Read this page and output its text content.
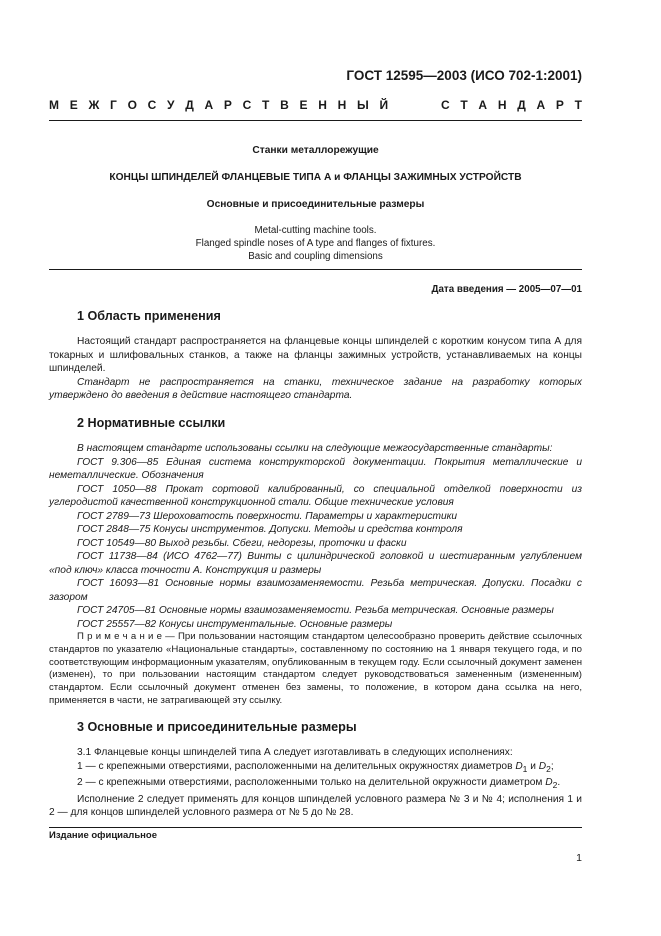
ГОСТ 12595—2003 (ИСО 702-1:2001)
М Е Ж Г О С У Д А Р С Т В Е Н Н Ы Й

	С Т А Н Д А Р Т
Станки металлорежущие
КОНЦЫ ШПИНДЕЛЕЙ ФЛАНЦЕВЫЕ ТИПА А и ФЛАНЦЫ ЗАЖИМНЫХ УСТРОЙСТВ
Основные и присоединительные размеры
Metal-cutting machine tools.
Flanged spindle noses of A type and flanges of fixtures.
Basic and coupling dimensions
Дата введения — 2005—07—01
1 Область применения

Настоящий стандарт распространяется на фланцевые концы шпинделей с коротким конусом типа А для токарных и шлифовальных станков, а также на фланцы зажимных устройств, устанавливаемых на концы шпинделей.

Стандарт не распространяется на станки, техническое задание на разработку которых утверждено до введения в действие настоящего стандарта.

2 Нормативные ссылки

В настоящем стандарте использованы ссылки на следующие межгосударственные стандарты:

ГОСТ 9.306—85 Единая система конструкторской документации. Покрытия металлические и неметаллические. Обозначения

ГОСТ 1050—88 Прокат сортовой калиброванный, со специальной отделкой поверхности из углеродистой качественной конструкционной стали. Общие технические условия

ГОСТ 2789—73 Шероховатость поверхности. Параметры и характеристики

ГОСТ 2848—75 Конусы инструментов. Допуски. Методы и средства контроля

ГОСТ 10549—80 Выход резьбы. Сбеги, недорезы, проточки и фаски

ГОСТ 11738—84 (ИСО 4762—77) Винты с цилиндрической головкой и шестигранным углублением «под ключ» класса точности А. Конструкция и размеры

ГОСТ 16093—81 Основные нормы взаимозаменяемости. Резьба метрическая. Допуски. Посадки с зазором

ГОСТ 24705—81 Основные нормы взаимозаменяемости. Резьба метрическая. Основные размеры

ГОСТ 25557—82 Конусы инструментальные. Основные размеры

П р и м е ч а н и е — При пользовании настоящим стандартом целесообразно проверить действие ссылочных стандартов по указателю «Национальные стандарты», составленному по состоянию на 1 января текущего года, и по соответствующим информационным указателям, опубликованным в текущем году. Если ссылочный документ заменен (изменен), то при пользовании настоящим стандартом следует руководствоваться замененным (измененным) стандартом. Если ссылочный документ отменен без замены, то положение, в котором дана ссылка на него, применяется в части, не затрагивающей эту ссылку.

3 Основные и присоединительные размеры

3.1 Фланцевые концы шпинделей типа А следует изготавливать в следующих исполнениях:

1 — с крепежными отверстиями, расположенными на делительных окружностях диаметров $D_1$ и $D_2$;

2 — с крепежными отверстиями, расположенными только на делительной окружности диаметром $D_2$.

Исполнение 2 следует применять для концов шпинделей условного размера № 3 и № 4; исполнения 1 и 2 — для концов шпинделей условного размера от № 5 до № 28.

Издание официальное
1
